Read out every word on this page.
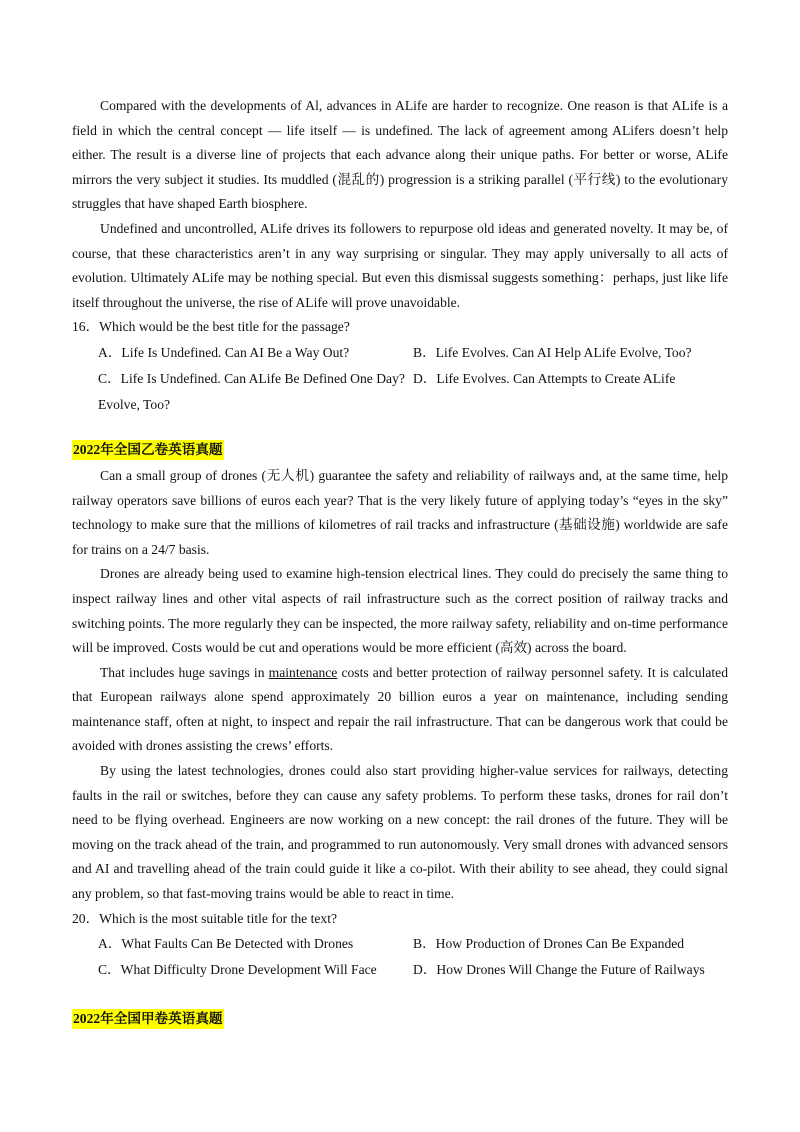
Compared with the developments of Al, advances in ALife are harder to recognize. One reason is that ALife is a field in which the central concept — life itself — is undefined. The lack of agreement among ALifers doesn’t help either. The result is a diverse line of projects that each advance along their unique paths. For better or worse, ALife mirrors the very subject it studies. Its muddled (混乱的) progression is a striking parallel (平行线) to the evolutionary struggles that have shaped Earth biosphere.

Undefined and uncontrolled, ALife drives its followers to repurpose old ideas and generated novelty. It may be, of course, that these characteristics aren’t in any way surprising or singular. They may apply universally to all acts of evolution. Ultimately ALife may be nothing special. But even this dismissal suggests something：perhaps, just like life itself throughout the universe, the rise of ALife will prove unavoidable.

16．Which would be the best title for the passage?

A．Life Is Undefined. Can AI Be a Way Out?	B．Life Evolves. Can AI Help ALife Evolve, Too?
C．Life Is Undefined. Can ALife Be Defined One Day? D．Life Evolves. Can Attempts to Create ALife
Evolve, Too?
2022年全国乙卷英语真题

Can a small group of drones (无人机) guarantee the safety and reliability of railways and, at the same time, help railway operators save billions of euros each year? That is the very likely future of applying today’s “eyes in the sky” technology to make sure that the millions of kilometres of rail tracks and infrastructure (基础设施) worldwide are safe for trains on a 24/7 basis.

Drones are already being used to examine high-tension electrical lines. They could do precisely the same thing to inspect railway lines and other vital aspects of rail infrastructure such as the correct position of railway tracks and switching points. The more regularly they can be inspected, the more railway safety, reliability and on-time performance will be improved. Costs would be cut and operations would be more efficient (高效) across the board.

That includes huge savings in maintenance costs and better protection of railway personnel safety. It is calculated that European railways alone spend approximately 20 billion euros a year on maintenance, including sending maintenance staff, often at night, to inspect and repair the rail infrastructure. That can be dangerous work that could be avoided with drones assisting the crews’ efforts.

By using the latest technologies, drones could also start providing higher-value services for railways, detecting faults in the rail or switches, before they can cause any safety problems. To perform these tasks, drones for rail don’t need to be flying overhead. Engineers are now working on a new concept: the rail drones of the future. They will be moving on the track ahead of the train, and programmed to run autonomously. Very small drones with advanced sensors and AI and travelling ahead of the train could guide it like a co-pilot. With their ability to see ahead, they could signal any problem, so that fast-moving trains would be able to react in time.

20．Which is the most suitable title for the text?

A．What Faults Can Be Detected with Drones	B．How Production of Drones Can Be Expanded
C．What Difficulty Drone Development Will Face	D．How Drones Will Change the Future of Railways
2022年全国甲卷英语真题
